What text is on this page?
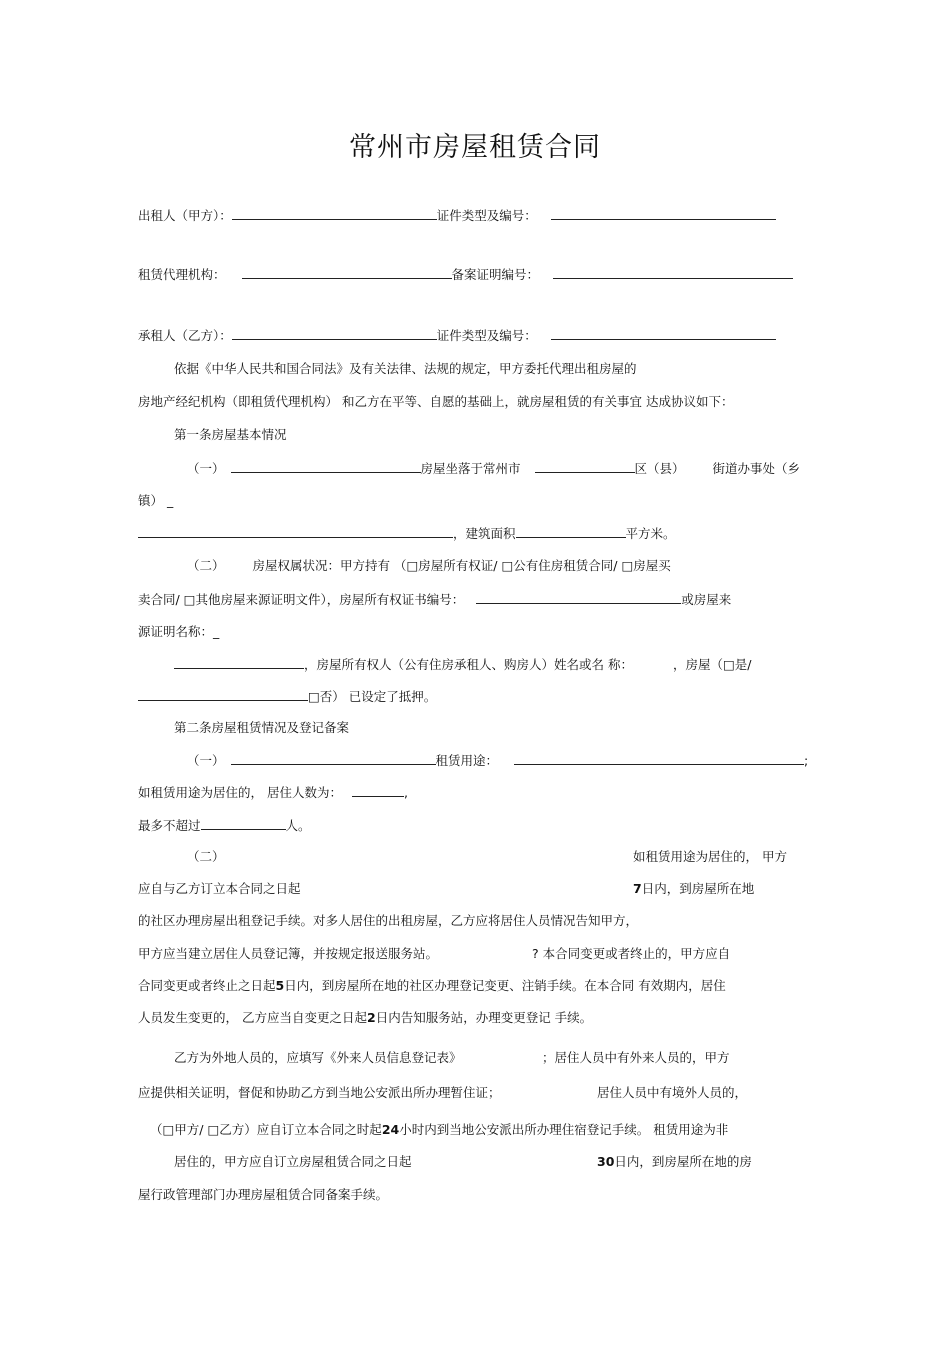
常州市房屋租赁合同
出租人（甲方）：	证件类型及编号：
租赁代理机构：	备案证明编号：
承租人（乙方）：	证件类型及编号：
依据《中华人民共和国合同法》及有关法律、法规的规定，甲方委托代理出租房屋的
房地产经纪机构（即租赁代理机构） 和乙方在平等、自愿的基础上，就房屋租赁的有关事宜 达成协议如下：
第一条房屋基本情况
（一）	房屋坐落于常州市	区（县） 街道办事处（乡
镇） _
，建筑面积	平方米。
（二） 房屋权属状况：甲方持有 （□房屋所有权证/ □公有住房租赁合同/ □房屋买
卖合同/ □其他房屋来源证明文件），房屋所有权证书编号：	或房屋来
源证明名称：_
，房屋所有权人（公有住房承租人、购房人）姓名或名 称：	，房屋（□是/
□否） 已设定了抵押。
第二条房屋租赁情况及登记备案
（一）	租赁用途：	;
如租赁用途为居住的， 居住人数为：	,
最多不超过	人。
（二）	如租赁用途为居住的， 甲方
应自与乙方订立本合同之日起	7日内，到房屋所在地
的社区办理房屋出租登记手续。对多人居住的出租房屋，乙方应将居住人员情况告知甲方，
甲方应当建立居住人员登记簿，并按规定报送服务站。	? 本合同变更或者终止的，甲方应自
合同变更或者终止之日起5日内，到房屋所在地的社区办理登记变更、注销手续。在本合同 有效期内，居住
人员发生变更的， 乙方应当自变更之日起2日内告知服务站，办理变更登记 手续。
乙方为外地人员的，应填写《外来人员信息登记表》	；居住人员中有外来人员的，甲方
应提供相关证明，督促和协助乙方到当地公安派出所办理暂住证；	居住人员中有境外人员的，
（□甲方/ □乙方）应自订立本合同之时起24小时内到当地公安派出所办理住宿登记手续。 租赁用途为非
居住的，甲方应自订立房屋租赁合同之日起	30日内，到房屋所在地的房
屋行政管理部门办理房屋租赁合同备案手续。
